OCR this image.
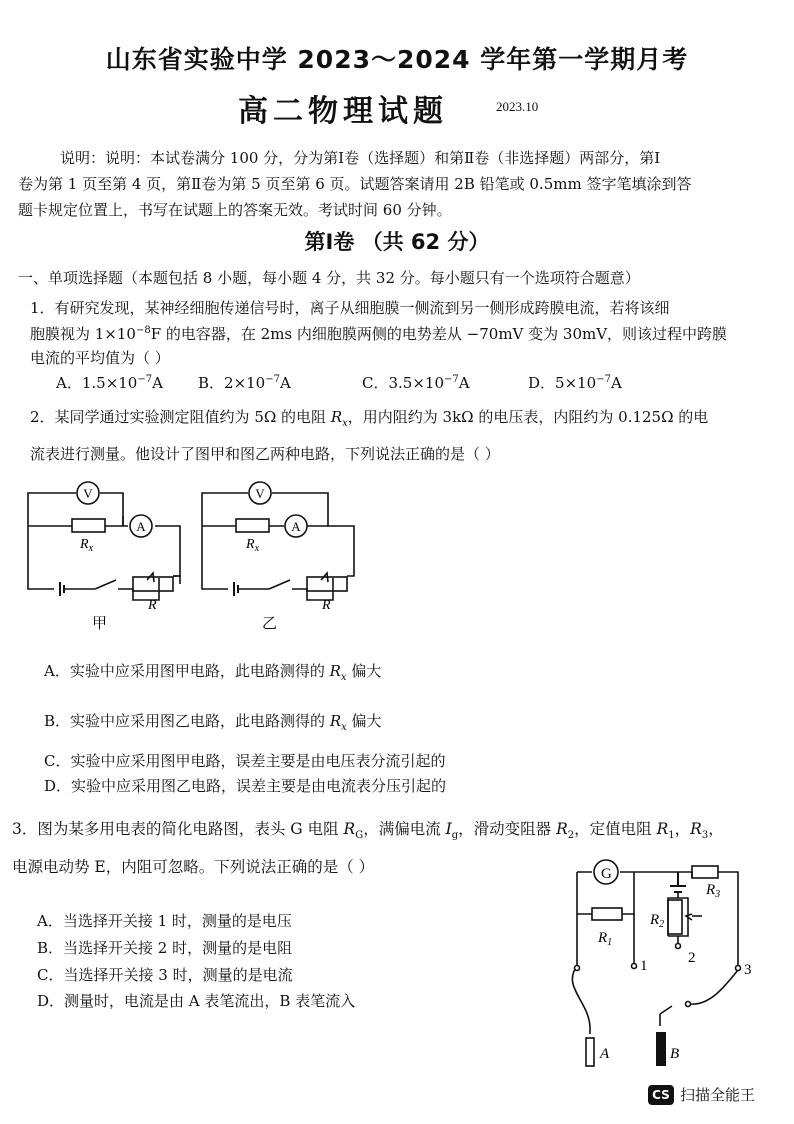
山东省实验中学 2023～2024 学年第一学期月考
高二物理试题	2023.10
说明：说明：本试卷满分 100 分，分为第Ⅰ卷（选择题）和第Ⅱ卷（非选择题）两部分，第Ⅰ
卷为第 1 页至第 4 页，第Ⅱ卷为第 5 页至第 6 页。试题答案请用 2B 铅笔或 0.5mm 签字笔填涂到答
题卡规定位置上，书写在试题上的答案无效。考试时间 60 分钟。
第Ⅰ卷 （共 62 分）
一、单项选择题（本题包括 8 小题，每小题 4 分，共 32 分。每小题只有一个选项符合题意）
1．有研究发现，某神经细胞传递信号时，离子从细胞膜一侧流到另一侧形成跨膜电流，若将该细
胞膜视为 $1\times 10^{-8}F$ 的电容器，在 2ms 内细胞膜两侧的电势差从 −70mV 变为 30mV，则该过程中跨膜
电流的平均值为（ ）
A．$1.5\times 10^{-7}A$ B．$2\times 10^{-7}A$	C．$3.5\times 10^{-7}A$	D．$5\times 10^{-7}A$
2．某同学通过实验测定阻值约为 5Ω 的电阻 $R_x$，用内阻约为 3kΩ 的电压表，内阻约为 0.125Ω 的电
流表进行测量。他设计了图甲和图乙两种电路，下列说法正确的是（ ）
V
A
V
A
$R_x$	$R_x$
R	R
甲	乙
A．实验中应采用图甲电路，此电路测得的 $R_x$ 偏大
B．实验中应采用图乙电路，此电路测得的 $R_x$ 偏大
C．实验中应采用图甲电路，误差主要是由电压表分流引起的
D．实验中应采用图乙电路，误差主要是由电流表分压引起的
3．图为某多用电表的简化电路图，表头 G 电阻 $R_G$，满偏电流 $I_g$，滑动变阻器 $R_2$，定值电阻 $R_1$，$R_3$，
电源电动势 E，内阻可忽略。下列说法正确的是（ ）
A．当选择开关接 1 时，测量的是电压
B．当选择开关接 2 时，测量的是电阻
C．当选择开关接 3 时，测量的是电流
D．测量时，电流是由 A 表笔流出，B 表笔流入
G
1	2
3
$R_1$
$R_2$
$R_3$
A	B
CS 扫描全能王
